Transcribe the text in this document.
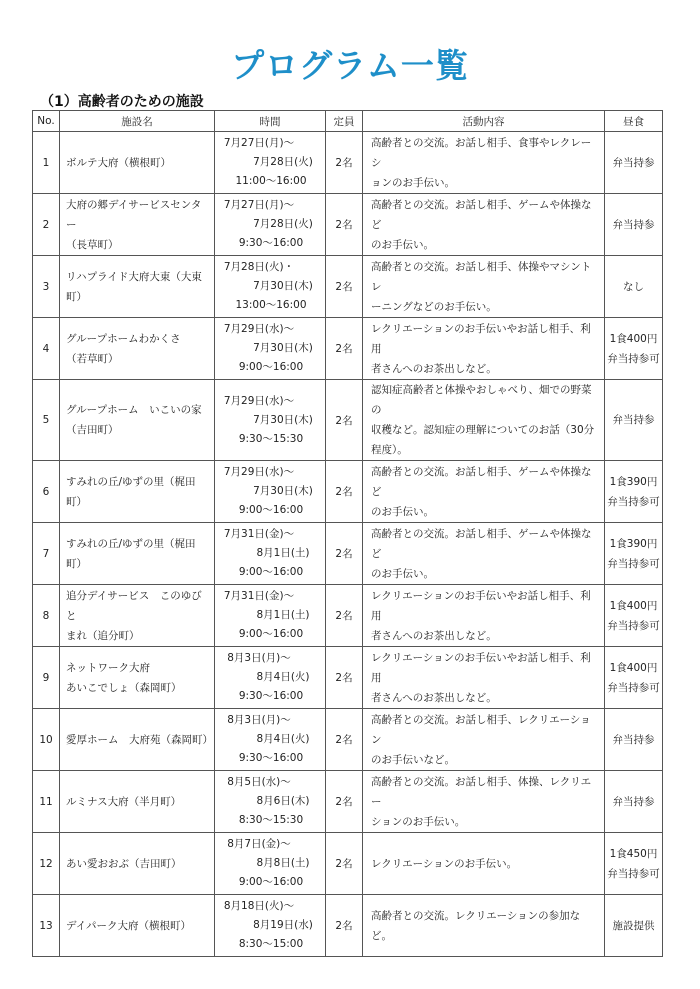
プログラム一覧
（1）高齢者のための施設
No.	施設名	時間	定員	活動内容	昼食
1	ボルテ大府（横根町）	7月27日(月)～
7月28日(火)
11:00～16:00	2名	高齢者との交流。お話し相手、食事やレクレーシ
ョンのお手伝い。	弁当持参

2	大府の郷デイサービスセンター
（長草町）	7月27日(月)～
7月28日(火)
9:30～16:00	2名	高齢者との交流。お話し相手、ゲームや体操など
のお手伝い。	弁当持参

3	リハプライド大府大東（大東町）	7月28日(火)・
7月30日(木)
13:00～16:00	2名	高齢者との交流。お話し相手、体操やマシントレ
ーニングなどのお手伝い。	なし

4	グループホームわかくさ
（若草町）	7月29日(水)～
7月30日(木)
9:00～16:00	2名	レクリエーションのお手伝いやお話し相手、利用
者さんへのお茶出しなど。	1食400円
弁当持参可

5	グループホーム　いこいの家
（吉田町）	7月29日(水)～
7月30日(木)
9:30～15:30	2名	認知症高齢者と体操やおしゃべり、畑での野菜の
収穫など。認知症の理解についてのお話（30分
程度）。	弁当持参

6	すみれの丘/ゆずの里（梶田町）	7月29日(水)～
7月30日(木)
9:00～16:00	2名	高齢者との交流。お話し相手、ゲームや体操など
のお手伝い。	1食390円
弁当持参可

7	すみれの丘/ゆずの里（梶田町）	7月31日(金)～
8月1日(土)
9:00～16:00	2名	高齢者との交流。お話し相手、ゲームや体操など
のお手伝い。	1食390円
弁当持参可

8	追分デイサービス　このゆびと
まれ（追分町）	7月31日(金)～
8月1日(土)
9:00～16:00	2名	レクリエーションのお手伝いやお話し相手、利用
者さんへのお茶出しなど。	1食400円
弁当持参可

9	ネットワーク大府
あいこでしょ（森岡町）	8月3日(月)～
8月4日(火)
9:30～16:00	2名	レクリエーションのお手伝いやお話し相手、利用
者さんへのお茶出しなど。	1食400円
弁当持参可

10	愛厚ホーム　大府苑（森岡町）	8月3日(月)～
8月4日(火)
9:30～16:00	2名	高齢者との交流。お話し相手、レクリエーション
のお手伝いなど。	弁当持参

11	ルミナス大府（半月町）	8月5日(水)～
8月6日(木)
8:30～15:30	2名	高齢者との交流。お話し相手、体操、レクリエー
ションのお手伝い。	弁当持参

12	あい愛おおぶ（吉田町）	8月7日(金)～
8月8日(土)
9:00～16:00	2名	レクリエーションのお手伝い。	1食450円
弁当持参可

13	デイパーク大府（横根町）	8月18日(火)～
8月19日(水)
8:30～15:00	2名	高齢者との交流。レクリエーションの参加など。	施設提供
